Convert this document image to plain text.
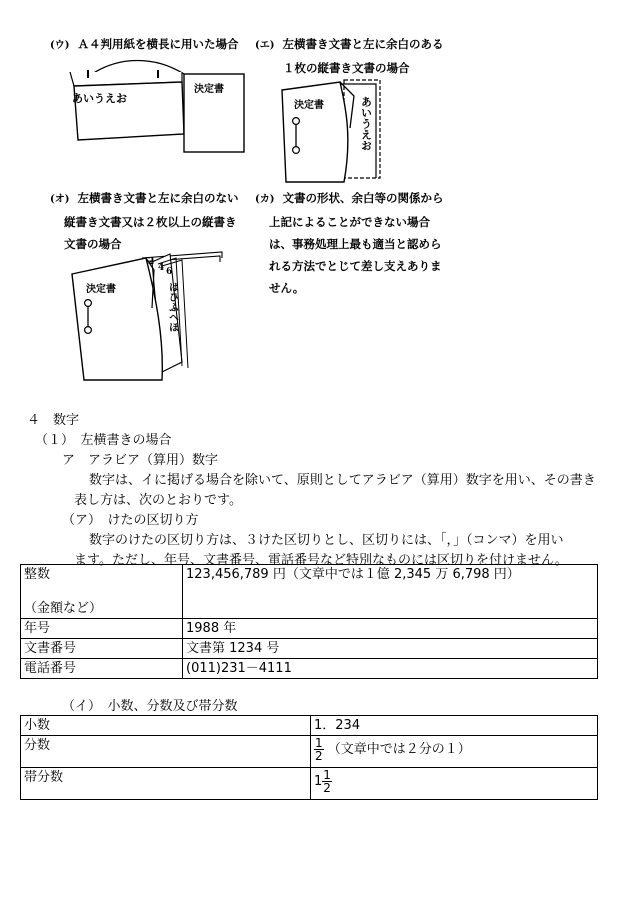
(ウ) Ａ４判用紙を横長に用いた場合
あいうえお
決定書
(エ) 左横書き文書と左に余白のある
１枚の縦書き文書の場合
決定書	あいうえお
(オ) 左横書き文書と左に余白のない
縦書き文書又は２枚以上の縦書き
文書の場合
決定書
2
4 6
はひふへほ
(カ) 文書の形状、余白等の関係から
上記によることができない場合
は、事務処理上最も適当と認めら
れる方法でとじて差し支えありま
せん。
４　数字
（１）　左横書きの場合
ア　アラビア（算用）数字
数字は、イに掲げる場合を除いて、原則としてアラビア（算用）数字を用い、その書き
表し方は、次のとおりです。
（ア）　けたの区切り方
数字のけたの区切り方は、３けた区切りとし、区切りには、「，」（コンマ）を用い
ます。ただし、年号、文書番号、電話番号など特別なものには区切りを付けません。
整数

（金額など）	123,456,789 円（文章中では１億 2,345 万 6,798 円）
年号	1988 年
文書番号	文書第 1234 号
電話番号	(011)231－4111
（イ）　小数、分数及び帯分数
小数	1．234
分数	$\frac{1}{2}$ （文章中では２分の１）
帯分数	$1 \frac{1}{2}$
